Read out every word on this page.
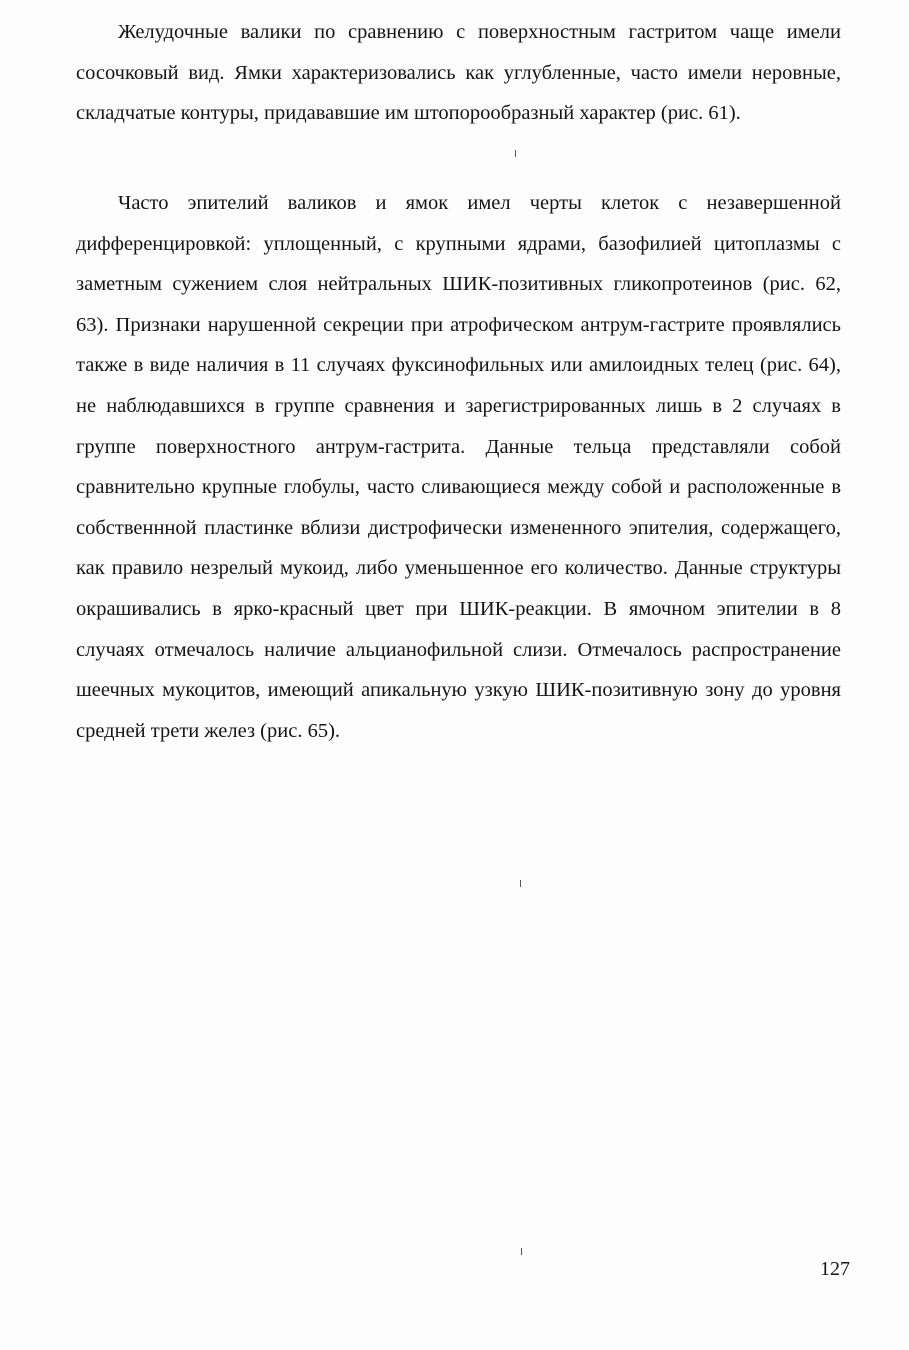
Желудочные валики по сравнению с поверхностным гастритом чаще имели сосочковый вид. Ямки характеризовались как углубленные, часто имели неровные, складчатые контуры, придававшие им штопорообразный характер (рис. 61).

Часто эпителий валиков и ямок имел черты клеток с незавершенной дифференцировкой: уплощенный, с крупными ядрами, базофилией цитоплазмы с заметным сужением слоя нейтральных ШИК-позитивных гликопротеинов (рис. 62, 63). Признаки нарушенной секреции при атрофическом антрум-гастрите проявлялись также в виде наличия в 11 случаях фуксинофильных или амилоидных телец (рис. 64), не наблюдавшихся в группе сравнения и зарегистрированных лишь в 2 случаях в группе поверхностного антрум-гастрита. Данные тельца представляли собой сравнительно крупные глобулы, часто сливающиеся между собой и расположенные в собственнной пластинке вблизи дистрофически измененного эпителия, содержащего, как правило незрелый мукоид, либо уменьшенное его количество. Данные структуры окрашивались в ярко-красный цвет при ШИК-реакции. В ямочном эпителии в 8 случаях отмечалось наличие альцианофильной слизи. Отмечалось распространение шеечных мукоцитов, имеющий апикальную узкую ШИК-позитивную зону до уровня средней трети желез (рис. 65).

127
